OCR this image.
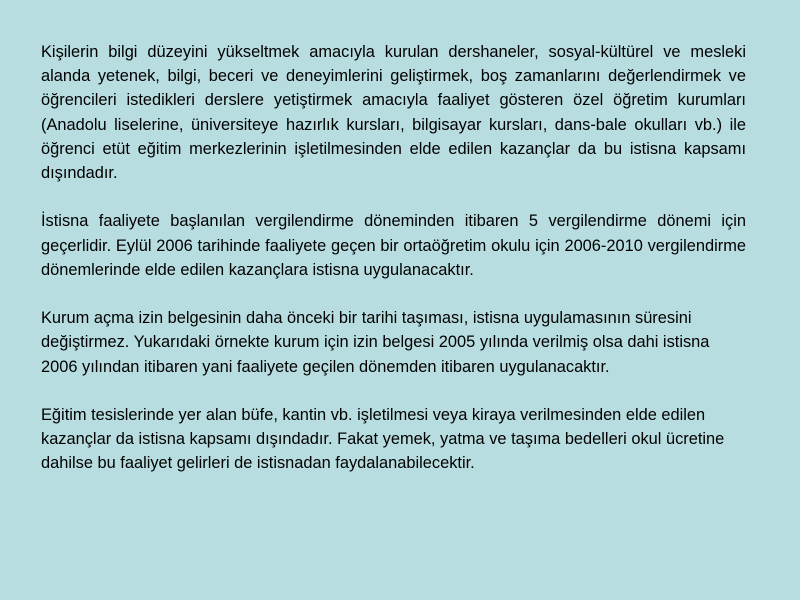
Kişilerin bilgi düzeyini yükseltmek amacıyla kurulan dershaneler, sosyal-kültürel ve mesleki alanda yetenek, bilgi, beceri ve deneyimlerini geliştirmek, boş zamanlarını değerlendirmek ve öğrencileri istedikleri derslere yetiştirmek amacıyla faaliyet gösteren özel öğretim kurumları (Anadolu liselerine, üniversiteye hazırlık kursları, bilgisayar kursları, dans-bale okulları vb.) ile öğrenci etüt eğitim merkezlerinin işletilmesinden elde edilen kazançlar da bu istisna kapsamı dışındadır.

İstisna faaliyete başlanılan vergilendirme döneminden itibaren 5 vergilendirme dönemi için geçerlidir. Eylül 2006 tarihinde faaliyete geçen bir ortaöğretim okulu için 2006-2010 vergilendirme dönemlerinde elde edilen kazançlara istisna uygulanacaktır.

Kurum açma izin belgesinin daha önceki bir tarihi taşıması, istisna uygulamasının süresini değiştirmez. Yukarıdaki örnekte kurum için izin belgesi 2005 yılında verilmiş olsa dahi istisna 2006 yılından itibaren yani faaliyete geçilen dönemden itibaren uygulanacaktır.

Eğitim tesislerinde yer alan büfe, kantin vb. işletilmesi veya kiraya verilmesinden elde edilen kazançlar da istisna kapsamı dışındadır. Fakat yemek, yatma ve taşıma bedelleri okul ücretine dahilse bu faaliyet gelirleri de istisnadan faydalanabilecektir.
